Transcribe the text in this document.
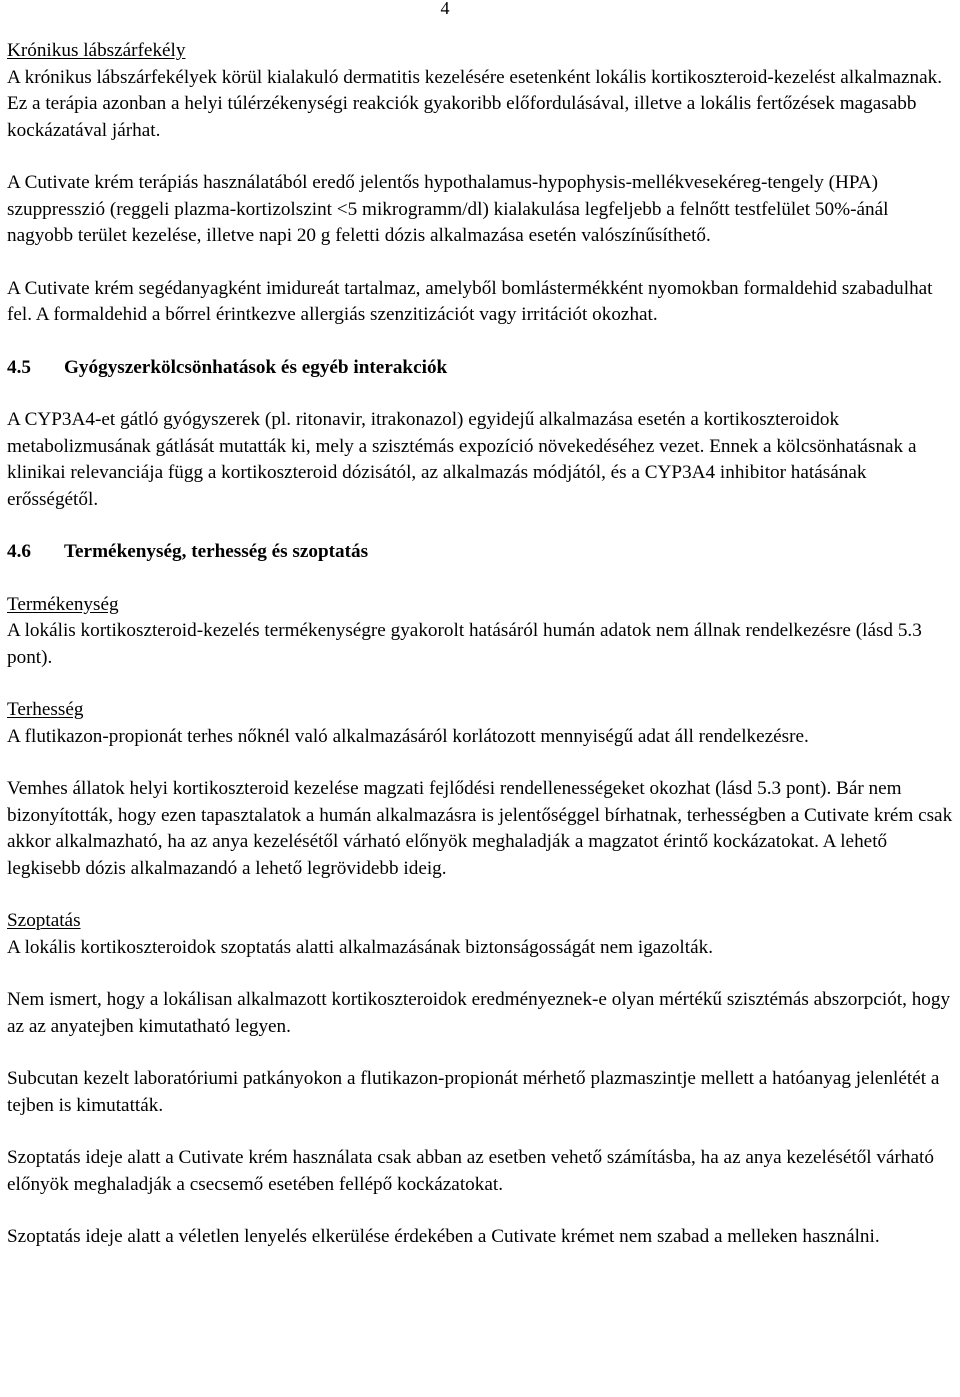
4

Krónikus lábszárfekély

A krónikus lábszárfekélyek körül kialakuló dermatitis kezelésére esetenként lokális kortikoszteroid-kezelést alkalmaznak. Ez a terápia azonban a helyi túlérzékenységi reakciók gyakoribb előfordulásával, illetve a lokális fertőzések magasabb kockázatával járhat.

A Cutivate krém terápiás használatából eredő jelentős hypothalamus-hypophysis-mellékvesekéreg-tengely (HPA) szuppresszió (reggeli plazma-kortizolszint <5 mikrogramm/dl) kialakulása legfeljebb a felnőtt testfelület 50%-ánál nagyobb terület kezelése, illetve napi 20 g feletti dózis alkalmazása esetén valószínűsíthető.

A Cutivate krém segédanyagként imidureát tartalmaz, amelyből bomlástermékként nyomokban formaldehid szabadulhat fel. A formaldehid a bőrrel érintkezve allergiás szenzitizációt vagy irritációt okozhat.

4.5 Gyógyszerkölcsönhatások és egyéb interakciók

A CYP3A4-et gátló gyógyszerek (pl. ritonavir, itrakonazol) egyidejű alkalmazása esetén a kortikoszteroidok metabolizmusának gátlását mutatták ki, mely a szisztémás expozíció növekedéséhez vezet. Ennek a kölcsönhatásnak a klinikai relevanciája függ a kortikoszteroid dózisától, az alkalmazás módjától, és a CYP3A4 inhibitor hatásának erősségétől.

4.6 Termékenység, terhesség és szoptatás

Termékenység

A lokális kortikoszteroid-kezelés termékenységre gyakorolt hatásáról humán adatok nem állnak rendelkezésre (lásd 5.3 pont).

Terhesség

A flutikazon-propionát terhes nőknél való alkalmazásáról korlátozott mennyiségű adat áll rendelkezésre.

Vemhes állatok helyi kortikoszteroid kezelése magzati fejlődési rendellenességeket okozhat (lásd 5.3 pont). Bár nem bizonyították, hogy ezen tapasztalatok a humán alkalmazásra is jelentőséggel bírhatnak, terhességben a Cutivate krém csak akkor alkalmazható, ha az anya kezelésétől várható előnyök meghaladják a magzatot érintő kockázatokat. A lehető legkisebb dózis alkalmazandó a lehető legrövidebb ideig.

Szoptatás

A lokális kortikoszteroidok szoptatás alatti alkalmazásának biztonságosságát nem igazolták.

Nem ismert, hogy a lokálisan alkalmazott kortikoszteroidok eredményeznek-e olyan mértékű szisztémás abszorpciót, hogy az az anyatejben kimutatható legyen.

Subcutan kezelt laboratóriumi patkányokon a flutikazon-propionát mérhető plazmaszintje mellett a hatóanyag jelenlétét a tejben is kimutatták.

Szoptatás ideje alatt a Cutivate krém használata csak abban az esetben vehető számításba, ha az anya kezelésétől várható előnyök meghaladják a csecsemő esetében fellépő kockázatokat.

Szoptatás ideje alatt a véletlen lenyelés elkerülése érdekében a Cutivate krémet nem szabad a melleken használni.
